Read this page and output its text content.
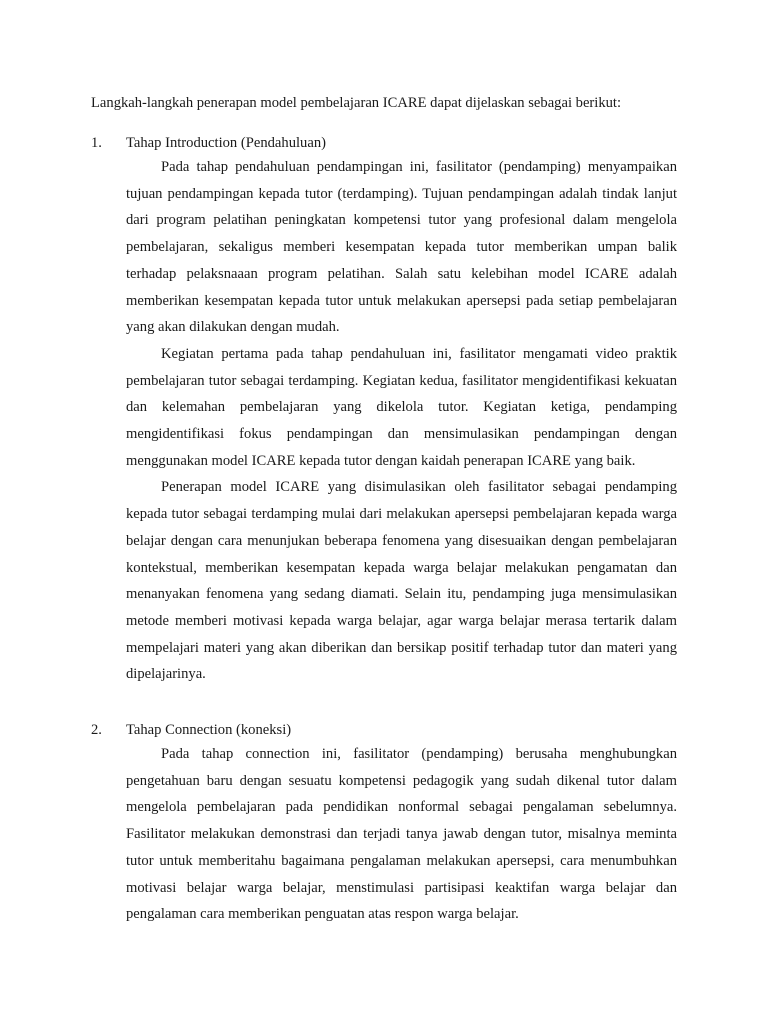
Langkah-langkah penerapan model pembelajaran ICARE dapat dijelaskan sebagai berikut:

1. Tahap Introduction (Pendahuluan)

Pada tahap pendahuluan pendampingan ini, fasilitator (pendamping) menyampaikan tujuan pendampingan kepada tutor (terdamping). Tujuan pendampingan adalah tindak lanjut dari program pelatihan peningkatan kompetensi tutor yang profesional dalam mengelola pembelajaran, sekaligus memberi kesempatan kepada tutor memberikan umpan balik terhadap pelaksnaaan program pelatihan. Salah satu kelebihan model ICARE adalah memberikan kesempatan kepada tutor untuk melakukan apersepsi pada setiap pembelajaran yang akan dilakukan dengan mudah.

Kegiatan pertama pada tahap pendahuluan ini, fasilitator mengamati video praktik pembelajaran tutor sebagai terdamping. Kegiatan kedua, fasilitator mengidentifikasi kekuatan dan kelemahan pembelajaran yang dikelola tutor. Kegiatan ketiga, pendamping mengidentifikasi fokus pendampingan dan mensimulasikan pendampingan dengan menggunakan model ICARE kepada tutor dengan kaidah penerapan ICARE yang baik.

Penerapan model ICARE yang disimulasikan oleh fasilitator sebagai pendamping kepada tutor sebagai terdamping mulai dari melakukan apersepsi pembelajaran kepada warga belajar dengan cara menunjukan beberapa fenomena yang disesuaikan dengan pembelajaran kontekstual, memberikan kesempatan kepada warga belajar melakukan pengamatan dan menanyakan fenomena yang sedang diamati. Selain itu, pendamping juga mensimulasikan metode memberi motivasi kepada warga belajar, agar warga belajar merasa tertarik dalam mempelajari materi yang akan diberikan dan bersikap positif terhadap tutor dan materi yang dipelajarinya.

2. Tahap Connection (koneksi)

Pada tahap connection ini, fasilitator (pendamping) berusaha menghubungkan pengetahuan baru dengan sesuatu kompetensi pedagogik yang sudah dikenal tutor dalam mengelola pembelajaran pada pendidikan nonformal sebagai pengalaman sebelumnya. Fasilitator melakukan demonstrasi dan terjadi tanya jawab dengan tutor, misalnya meminta tutor untuk memberitahu bagaimana pengalaman melakukan apersepsi, cara menumbuhkan motivasi belajar warga belajar, menstimulasi partisipasi keaktifan warga belajar dan pengalaman cara memberikan penguatan atas respon warga belajar.
